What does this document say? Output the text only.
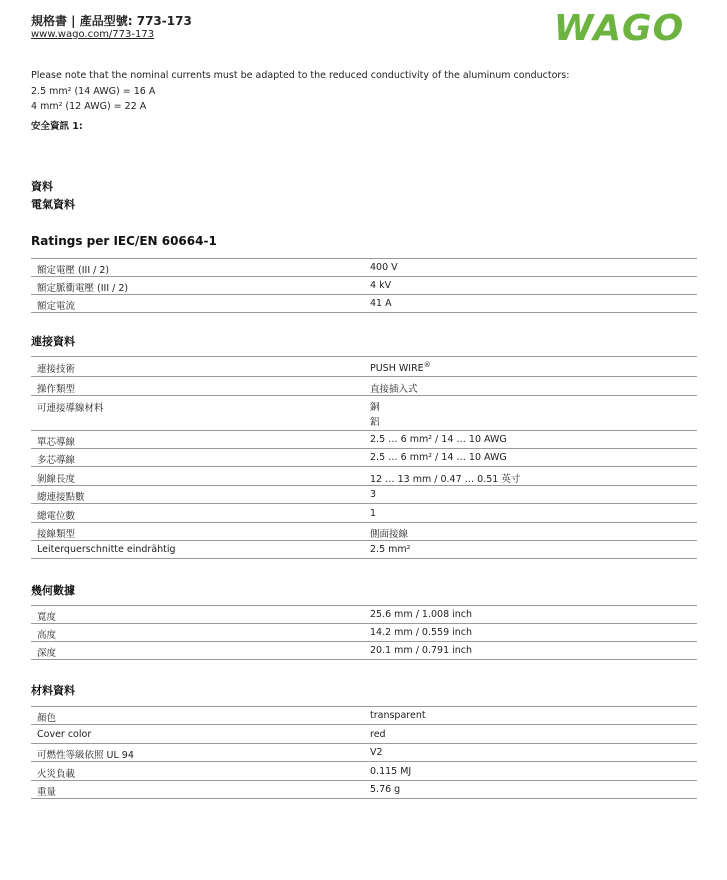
規格書 | 產品型號: 773-173
www.wago.com/773-173	WAGO
Please note that the nominal currents must be adapted to the reduced conductivity of the aluminum conductors:
2.5 mm² (14 AWG) = 16 A
4 mm² (12 AWG) = 22 A
安全資訊 1:
資料
電氣資料
Ratings per IEC/EN 60664-1
額定電壓 (III / 2)	400 V
額定脈衝電壓 (III / 2)	4 kV
額定電流	41 A
連接資料
連接技術	PUSH WIRE®
操作類型	直接插入式
可連接導線材料	銅
鋁

單芯導線	2.5 … 6 mm² / 14 … 10 AWG
多芯導線	2.5 … 6 mm² / 14 … 10 AWG
剝線長度	12 … 13 mm / 0.47 … 0.51 英寸
總連接點數	3
總電位數	1
接線類型	側面接線
Leiterquerschnitte eindrähtig	2.5 mm²
幾何數據
寬度	25.6 mm / 1.008 inch
高度	14.2 mm / 0.559 inch
深度	20.1 mm / 0.791 inch
材料資料
顏色	transparent
Cover color	red
可燃性等級依照 UL 94	V2
火災負載	0.115 MJ
重量	5.76 g
